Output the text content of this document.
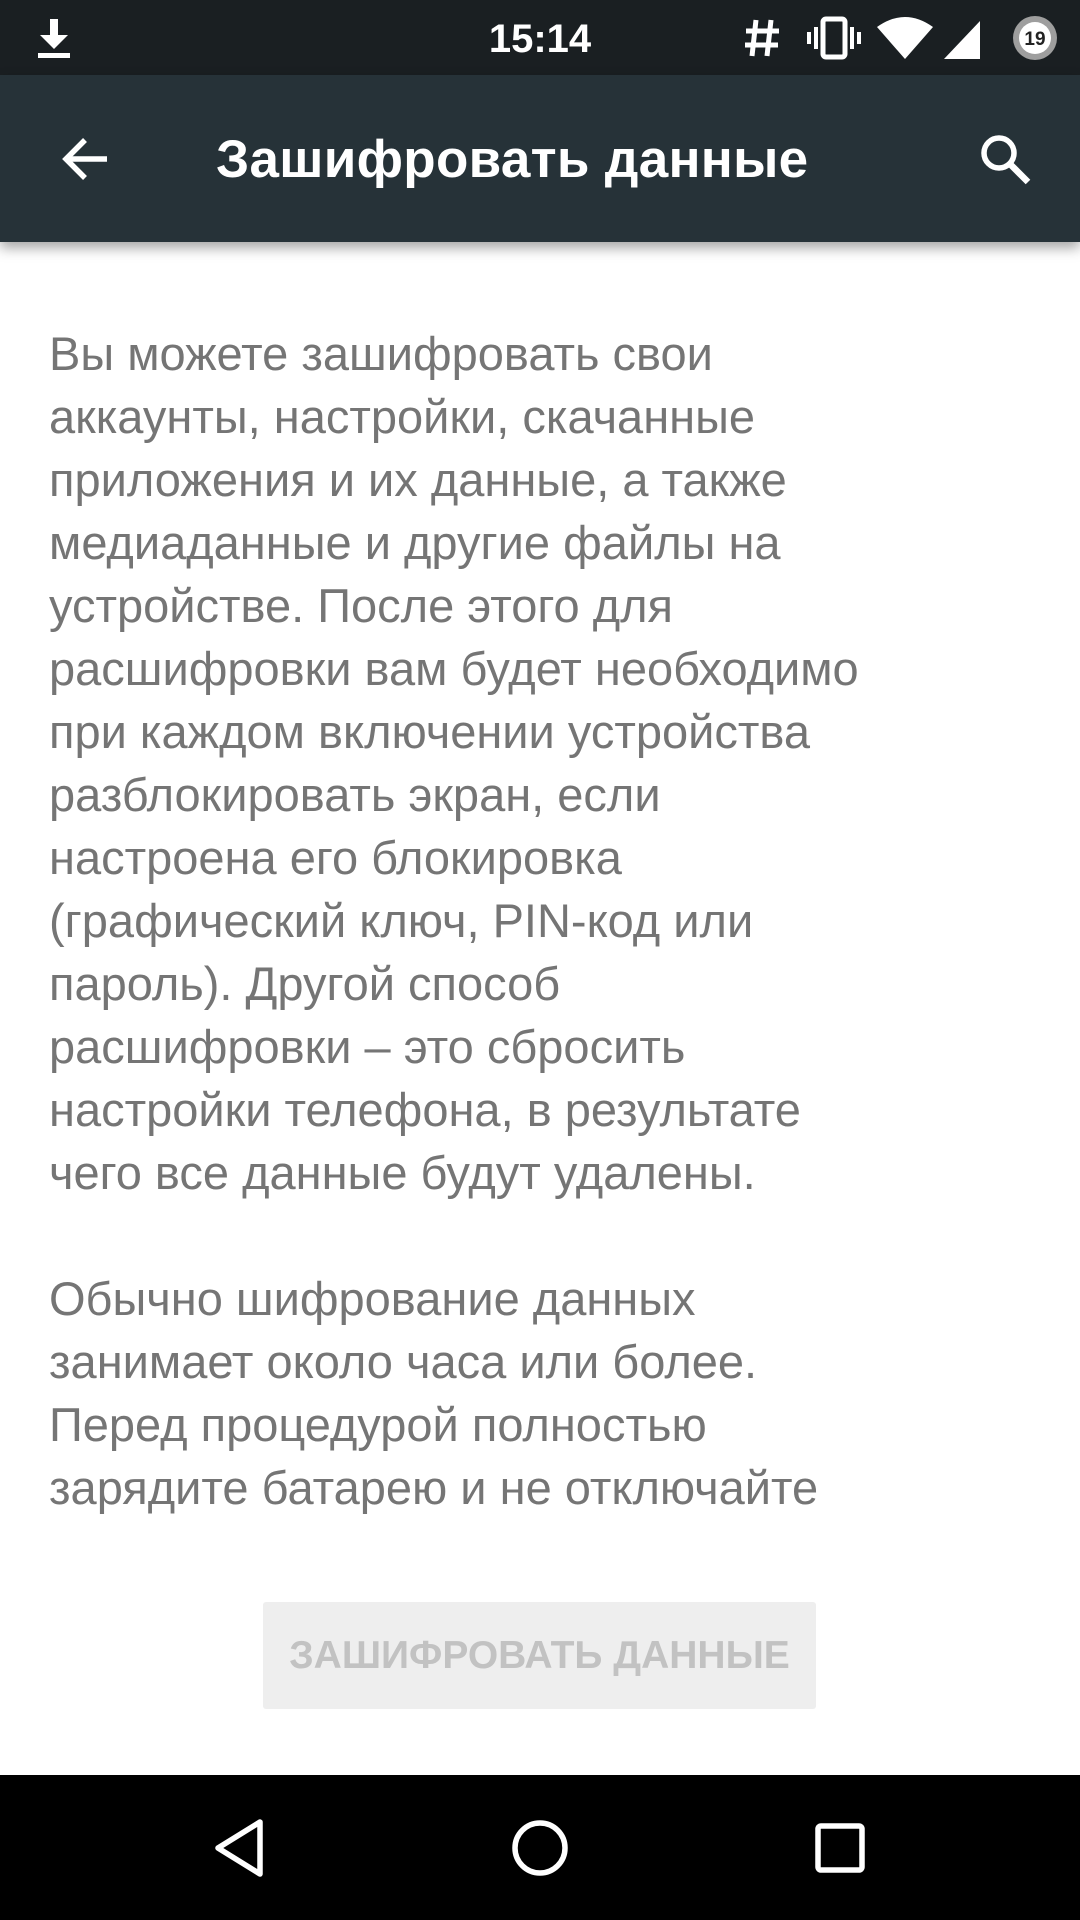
15:14	19
Зашифровать данные

Вы можете зашифровать свои
аккаунты, настройки, скачанные
приложения и их данные, а также
медиаданные и другие файлы на
устройстве. После этого для
расшифровки вам будет необходимо
при каждом включении устройства
разблокировать экран, если
настроена его блокировка
(графический ключ, PIN-код или
пароль). Другой способ
расшифровки – это сбросить
настройки телефона, в результате
чего все данные будут удалены.

Обычно шифрование данных
занимает около часа или более.
Перед процедурой полностью
зарядите батарею и не отключайте

ЗАШИФРОВАТЬ ДАННЫЕ
